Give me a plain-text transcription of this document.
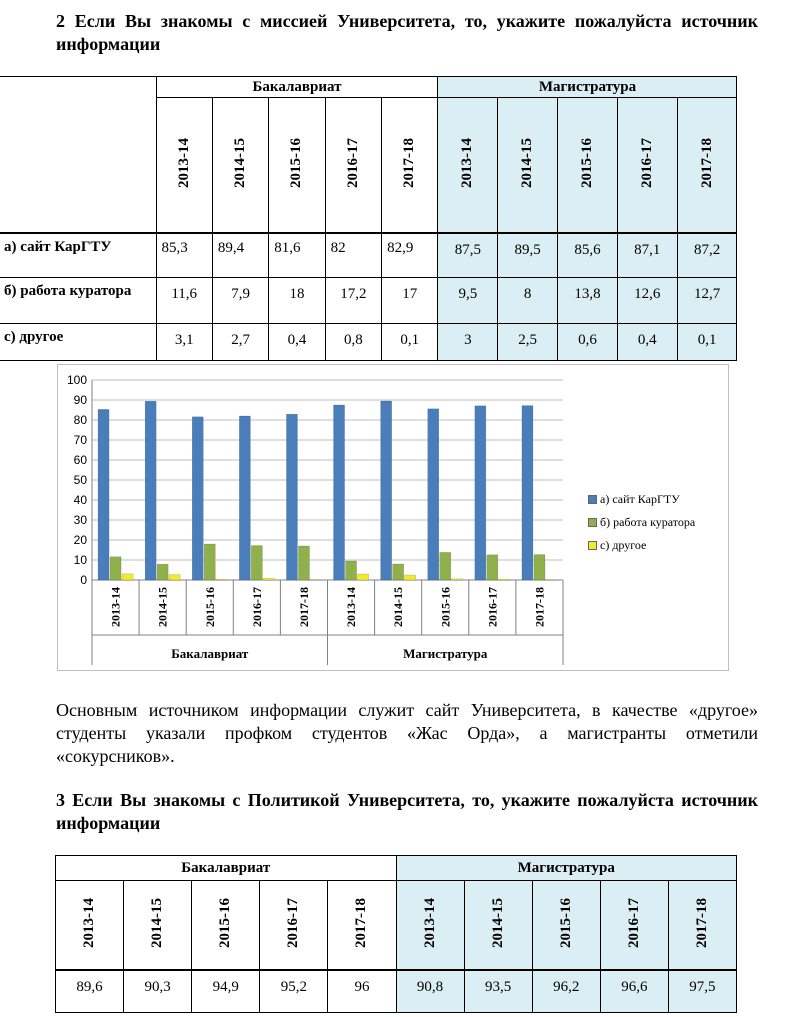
2 Если Вы знакомы с миссией Университета, то, укажите пожалуйста источник информации
	Бакалавриат					Магистратура				
	2013-14	2014-15	2015-16	2016-17	2017-18	2013-14	2014-15	2015-16	2016-17	2017-18
а) сайт КарГТУ	85,3	89,4	81,6	82	82,9	87,5	89,5	85,6	87,1	87,2
б) работа куратора	11,6	7,9	18	17,2	17	9,5	8	13,8	12,6	12,7
с) другое	3,1	2,7	0,4	0,8	0,1	3	2,5	0,6	0,4	0,1
0
10
20
30
40
50
60
70
80
90
100
2013-14	2014-15	2015-16	2016-17	2017-18	2013-14	2014-15	2015-16	2016-17	2017-18
Бакалавриат	Магистратура
а) сайт КарГТУ
б) работа куратора
с) другое
Основным источником информации служит сайт Университета, в качестве «другое» студенты указали профком студентов «Жас Орда», а магистранты отметили «сокурсников».
3 Если Вы знакомы с Политикой Университета, то, укажите пожалуйста источник информации
Бакалавриат					Магистратура				
2013-14	2014-15	2015-16	2016-17	2017-18	2013-14	2014-15	2015-16	2016-17	2017-18
89,6	90,3	94,9	95,2	96	90,8	93,5	96,2	96,6	97,5
